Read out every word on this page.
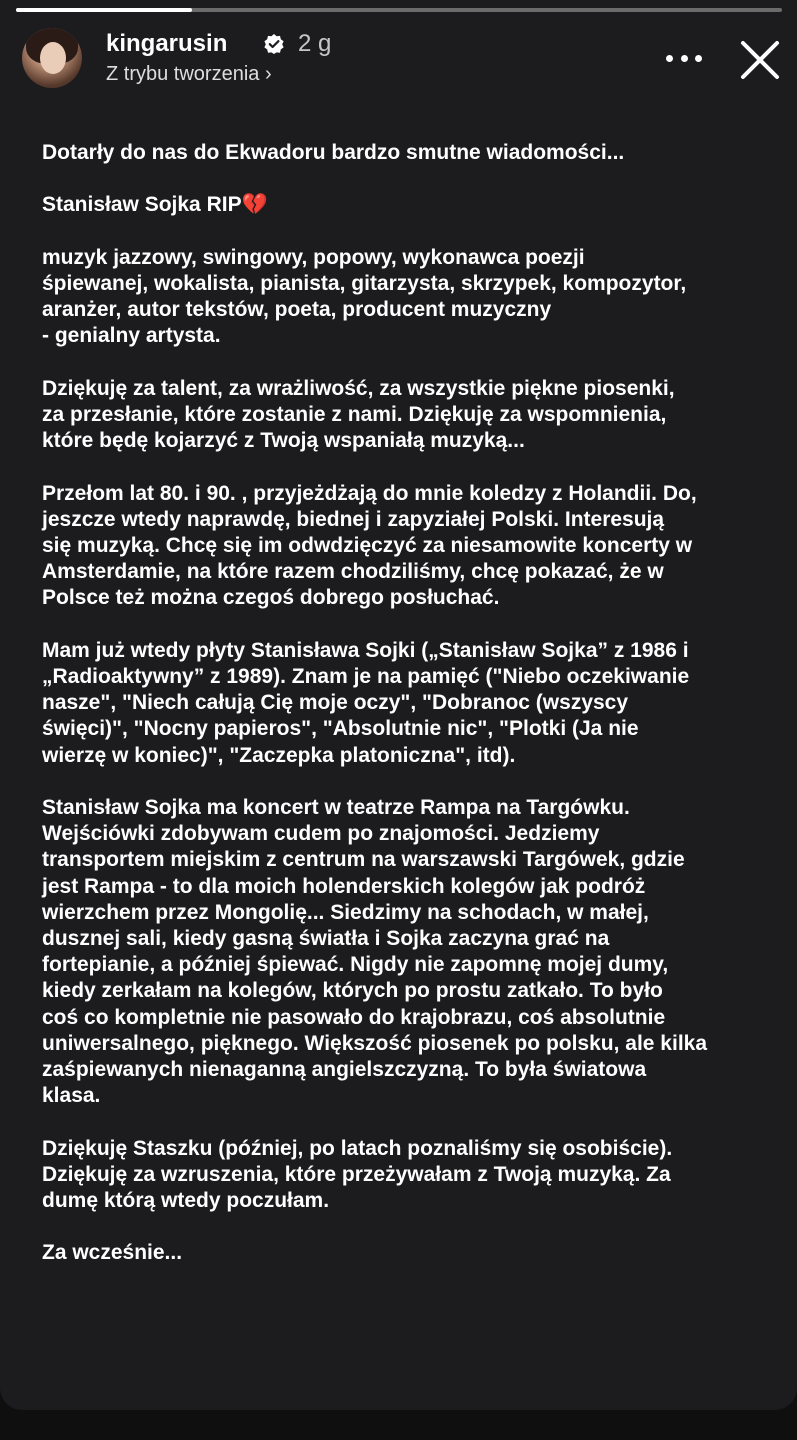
kingarusin	2 g
Z trybu tworzenia ›
Dotarły do nas do Ekwadoru bardzo smutne wiadomości...
Stanisław Sojka RIP💔
muzyk jazzowy, swingowy, popowy, wykonawca poezji
śpiewanej, wokalista, pianista, gitarzysta, skrzypek, kompozytor,
aranżer, autor tekstów, poeta, producent muzyczny
- genialny artysta.
Dziękuję za talent, za wrażliwość, za wszystkie piękne piosenki,
za przesłanie, które zostanie z nami. Dziękuję za wspomnienia,
które będę kojarzyć z Twoją wspaniałą muzyką...
Przełom lat 80. i 90. , przyjeżdżają do mnie koledzy z Holandii. Do,
jeszcze wtedy naprawdę, biednej i zapyziałej Polski. Interesują
się muzyką. Chcę się im odwdzięczyć za niesamowite koncerty w
Amsterdamie, na które razem chodziliśmy, chcę pokazać, że w
Polsce też można czegoś dobrego posłuchać.
Mam już wtedy płyty Stanisława Sojki („Stanisław Sojka” z 1986 i
„Radioaktywny” z 1989). Znam je na pamięć ("Niebo oczekiwanie
nasze", "Niech całują Cię moje oczy", "Dobranoc (wszyscy
święci)", "Nocny papieros", "Absolutnie nic", "Plotki (Ja nie
wierzę w koniec)", "Zaczepka platoniczna", itd).
Stanisław Sojka ma koncert w teatrze Rampa na Targówku.
Wejściówki zdobywam cudem po znajomości. Jedziemy
transportem miejskim z centrum na warszawski Targówek, gdzie
jest Rampa - to dla moich holenderskich kolegów jak podróż
wierzchem przez Mongolię... Siedzimy na schodach, w małej,
dusznej sali, kiedy gasną światła i Sojka zaczyna grać na
fortepianie, a później śpiewać. Nigdy nie zapomnę mojej dumy,
kiedy zerkałam na kolegów, których po prostu zatkało. To było
coś co kompletnie nie pasowało do krajobrazu, coś absolutnie
uniwersalnego, pięknego. Większość piosenek po polsku, ale kilka
zaśpiewanych nienaganną angielszczyzną. To była światowa
klasa.
Dziękuję Staszku (później, po latach poznaliśmy się osobiście).
Dziękuję za wzruszenia, które przeżywałam z Twoją muzyką. Za
dumę którą wtedy poczułam.
Za wcześnie...
